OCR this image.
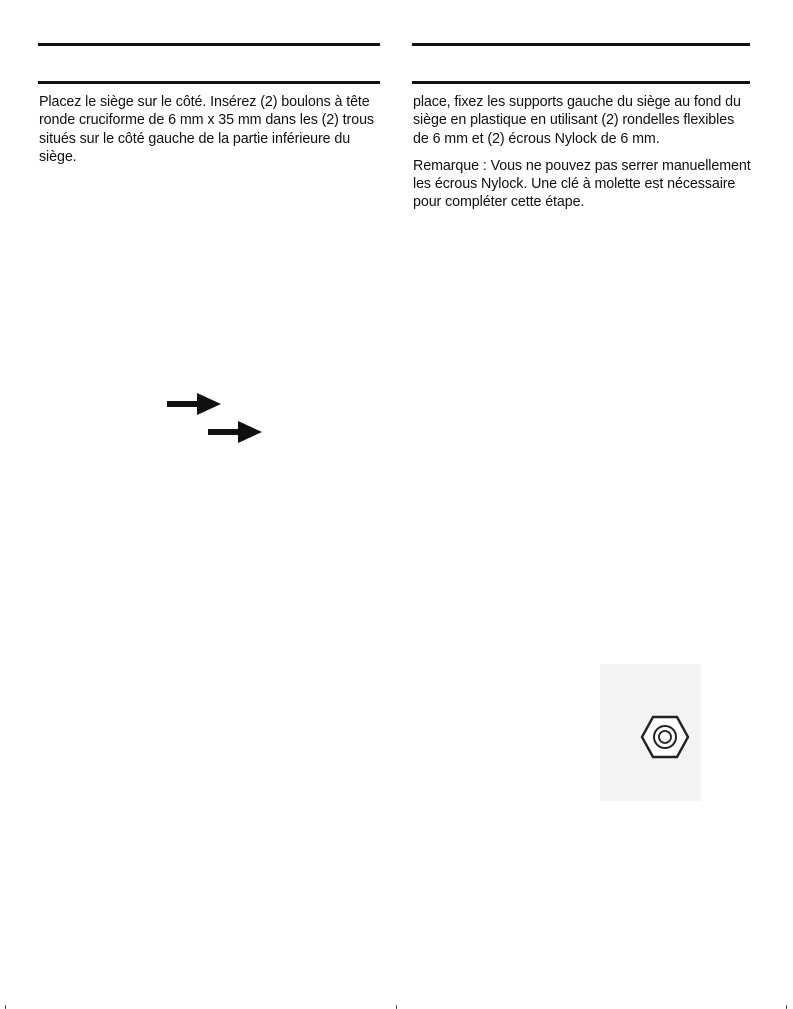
Placez le siège sur le côté. Insérez (2) boulons à tête ronde cruciforme de 6 mm x 35 mm dans les (2) trous situés sur le côté gauche de la partie inférieure du siège.

place, fixez les supports gauche du siège au fond du siège en plastique en utilisant (2) rondelles flexibles de 6 mm et (2) écrous Nylock de 6 mm.

Remarque : Vous ne pouvez pas serrer manuellement les écrous Nylock. Une clé à molette est nécessaire pour compléter cette étape.
